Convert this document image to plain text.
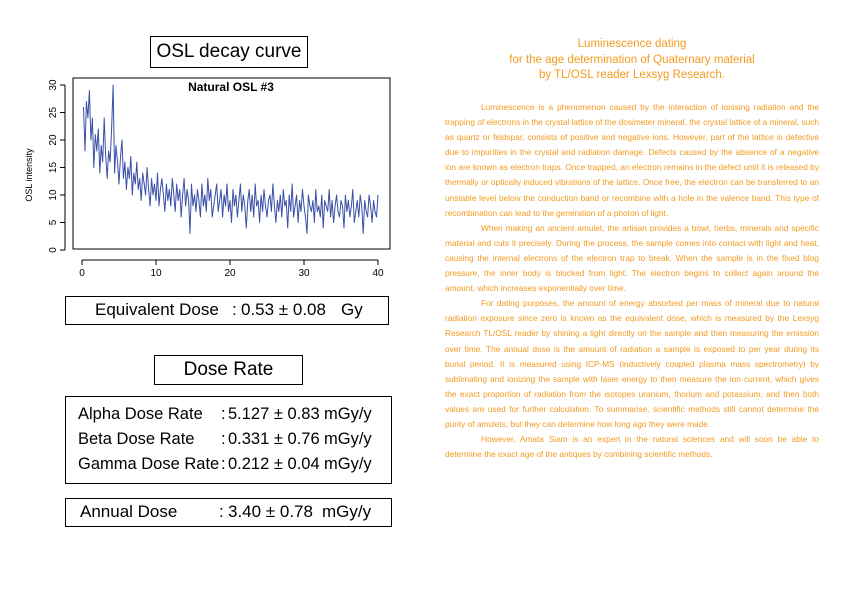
OSL decay curve
Natural OSL #3
OSL intensity
0	10	20	30	40
0
5
10
15
20
25
30
Equivalent Dose : 0.53 ± 0.08 Gy
Dose Rate
Alpha Dose Rate : 5.127 ± 0.83 mGy/y
Beta Dose Rate : 0.331 ± 0.76 mGy/y
Gamma Dose Rate : 0.212 ± 0.04 mGy/y
Annual Dose : 3.40 ± 0.78 mGy/y
Luminescence dating
for the age determination of Quaternary material
by TL/OSL reader Lexsyg Research.

Luminescence is a phenomenon caused by the interaction of ionising radiation and the trapping of electrons in the crystal lattice of the dosimeter mineral. the crystal lattice of a mineral, such as quartz or feldspar, consists of positive and negative ions. However, part of the lattice is defective due to impurities in the crystal and radiation damage. Defects caused by the absence of a negative ion are known as electron traps. Once trapped, an electron remains in the defect until it is released by thermally or optically induced vibrations of the lattice. Once free, the electron can be transferred to an unstable level below the conduction band or recombine with a hole in the valence band. This type of recombination can lead to the generation of a photon of light.

When making an ancient amulet, the artisan provides a bowl, herbs, minerals and specific material and cuts it precisely. During the process, the sample comes into contact with light and heat, causing the internal electrons of the electron trap to break. When the sample is in the fixed blog pressure, the inner body is blocked from light. The electron begins to collect again around the amount, which increases exponentially over time.

For dating purposes, the amount of energy absorbed per mass of mineral due to natural radiation exposure since zero is known as the equivalent dose, which is measured by the Lexsyg Research TL/OSL reader by shining a light directly on the sample and then measuring the emission over time. The annual dose is the amount of radiation a sample is exposed to per year during its burial period. It is measured using ICP-MS (inductively coupled plasma mass spectrometry) by sublimating and ionizing the sample with laser energy to then measure the ion current, which gives the exact proportion of radiation from the isotopes uranium, thorium and potassium, and then both values are used for further calculation. To summarise, scientific methods still cannot determine the purity of amulets, but they can determine how long ago they were made.

However, Amata Siam is an expert in the natural sciences and will soon be able to determine the exact age of the antiques by combining scientific methods.
